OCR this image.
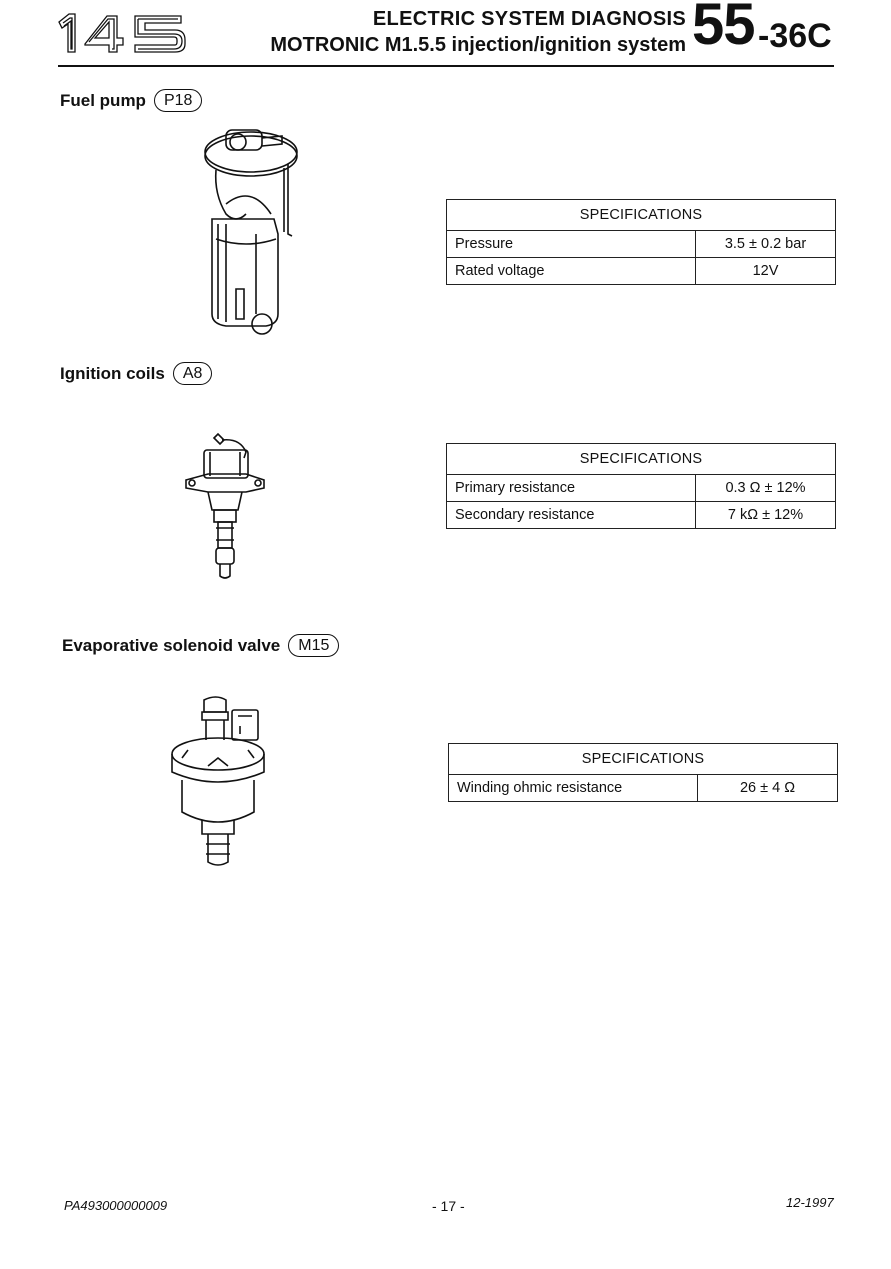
ELECTRIC SYSTEM DIAGNOSIS
MOTRONIC M1.5.5 injection/ignition system 55 -36C
Fuel pump	P18
SPECIFICATIONS	
Pressure	3.5 ± 0.2 bar
Rated voltage	12V
Ignition coils	A8
SPECIFICATIONS	
Primary resistance	0.3 Ω ± 12%
Secondary resistance	7 kΩ ± 12%
Evaporative solenoid valve	M15
SPECIFICATIONS
Winding ohmic resistance	26 ± 4 Ω
PA493000000009	- 17 -	12-1997
